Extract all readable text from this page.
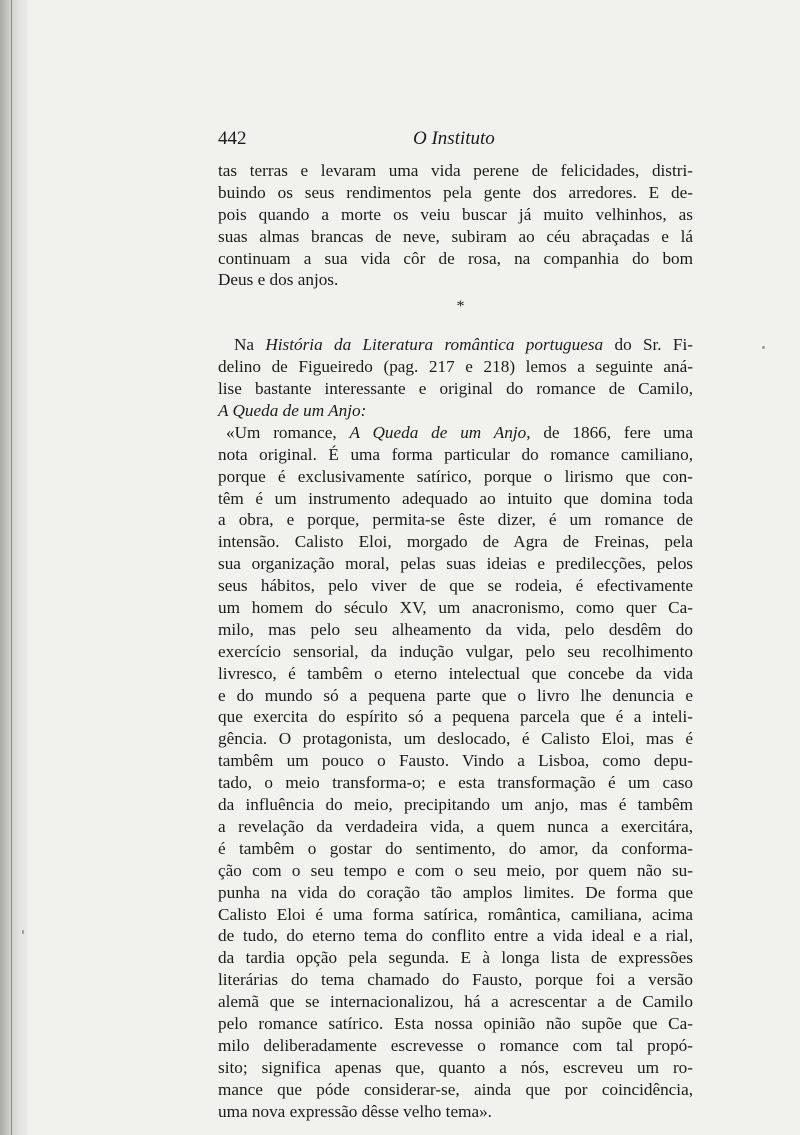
442	O Instituto
tas terras e levaram uma vida perene de felicidades, distri-
buindo os seus rendimentos pela gente dos arredores. E de-
pois quando a morte os veiu buscar já muito velhinhos, as
suas almas brancas de neve, subiram ao céu abraçadas e lá
continuam a sua vida côr de rosa, na companhia do bom
Deus e dos anjos.
*
Na História da Literatura romântica portuguesa do Sr. Fi-
delino de Figueiredo (pag. 217 e 218) lemos a seguinte aná-
lise bastante interessante e original do romance de Camilo,
A Queda de um Anjo:
«Um romance, A Queda de um Anjo, de 1866, fere uma
nota original. É uma forma particular do romance camiliano,
porque é exclusivamente satírico, porque o lirismo que con-
têm é um instrumento adequado ao intuito que domina toda
a obra, e porque, permita-se êste dizer, é um romance de
intensão. Calisto Eloi, morgado de Agra de Freinas, pela
sua organização moral, pelas suas ideias e predilecções, pelos
seus hábitos, pelo viver de que se rodeia, é efectivamente
um homem do século XV, um anacronismo, como quer Ca-
milo, mas pelo seu alheamento da vida, pelo desdêm do
exercício sensorial, da indução vulgar, pelo seu recolhimento
livresco, é tambêm o eterno intelectual que concebe da vida
e do mundo só a pequena parte que o livro lhe denuncia e
que exercita do espírito só a pequena parcela que é a inteli-
gência. O protagonista, um deslocado, é Calisto Eloi, mas é
tambêm um pouco o Fausto. Vindo a Lisboa, como depu-
tado, o meio transforma-o; e esta transformação é um caso
da influência do meio, precipitando um anjo, mas é tambêm
a revelação da verdadeira vida, a quem nunca a exercitára,
é tambêm o gostar do sentimento, do amor, da conforma-
ção com o seu tempo e com o seu meio, por quem não su-
punha na vida do coração tão amplos limites. De forma que
Calisto Eloi é uma forma satírica, romântica, camiliana, acima
de tudo, do eterno tema do conflito entre a vida ideal e a rial,
da tardia opção pela segunda. E à longa lista de expressões
literárias do tema chamado do Fausto, porque foi a versão
alemã que se internacionalizou, há a acrescentar a de Camilo
pelo romance satírico. Esta nossa opinião não supõe que Ca-
milo deliberadamente escrevesse o romance com tal propó-
sito; significa apenas que, quanto a nós, escreveu um ro-
mance que póde considerar-se, ainda que por coincidência,
uma nova expressão dêsse velho tema».
